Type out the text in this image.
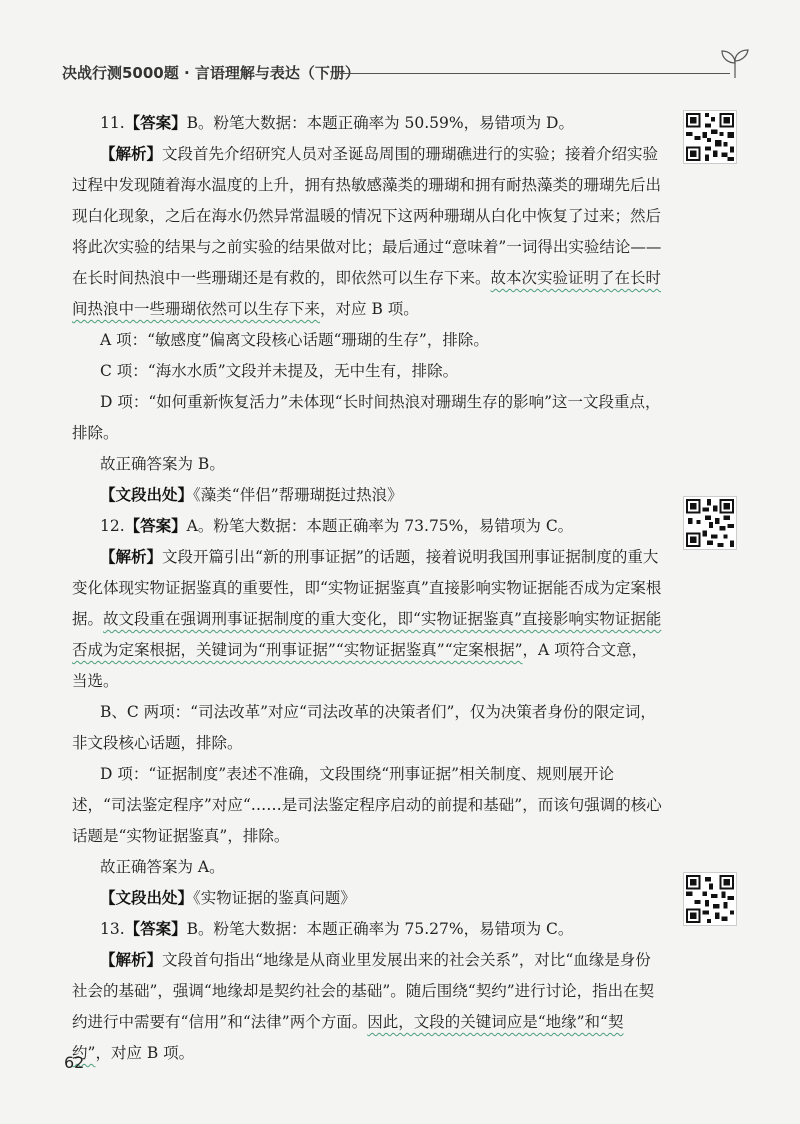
决战行测5000题 · 言语理解与表达（下册）

11.【答案】B。粉笔大数据：本题正确率为 50.59%，易错项为 D。

【解析】文段首先介绍研究人员对圣诞岛周围的珊瑚礁进行的实验；接着介绍实验过程中发现随着海水温度的上升，拥有热敏感藻类的珊瑚和拥有耐热藻类的珊瑚先后出现白化现象，之后在海水仍然异常温暖的情况下这两种珊瑚从白化中恢复了过来；然后将此次实验的结果与之前实验的结果做对比；最后通过“意味着”一词得出实验结论——在长时间热浪中一些珊瑚还是有救的，即依然可以生存下来。故本次实验证明了在长时间热浪中一些珊瑚依然可以生存下来，对应 B 项。

A 项：“敏感度”偏离文段核心话题“珊瑚的生存”，排除。

C 项：“海水水质”文段并未提及，无中生有，排除。

D 项：“如何重新恢复活力”未体现“长时间热浪对珊瑚生存的影响”这一文段重点，排除。

故正确答案为 B。

【文段出处】《藻类“伴侣”帮珊瑚挺过热浪》

12.【答案】A。粉笔大数据：本题正确率为 73.75%，易错项为 C。

【解析】文段开篇引出“新的刑事证据”的话题，接着说明我国刑事证据制度的重大变化体现实物证据鉴真的重要性，即“实物证据鉴真”直接影响实物证据能否成为定案根据。故文段重在强调刑事证据制度的重大变化，即“实物证据鉴真”直接影响实物证据能否成为定案根据，关键词为“刑事证据”“实物证据鉴真”“定案根据”，A 项符合文意，当选。

B、C 两项：“司法改革”对应“司法改革的决策者们”，仅为决策者身份的限定词，非文段核心话题，排除。

D 项：“证据制度”表述不准确，文段围绕“刑事证据”相关制度、规则展开论述，“司法鉴定程序”对应“……是司法鉴定程序启动的前提和基础”，而该句强调的核心话题是“实物证据鉴真”，排除。

故正确答案为 A。

【文段出处】《实物证据的鉴真问题》

13.【答案】B。粉笔大数据：本题正确率为 75.27%，易错项为 C。

【解析】文段首句指出“地缘是从商业里发展出来的社会关系”，对比“血缘是身份社会的基础”，强调“地缘却是契约社会的基础”。随后围绕“契约”进行讨论，指出在契约进行中需要有“信用”和“法律”两个方面。因此，文段的关键词应是“地缘”和“契约”，对应 B 项。

62
